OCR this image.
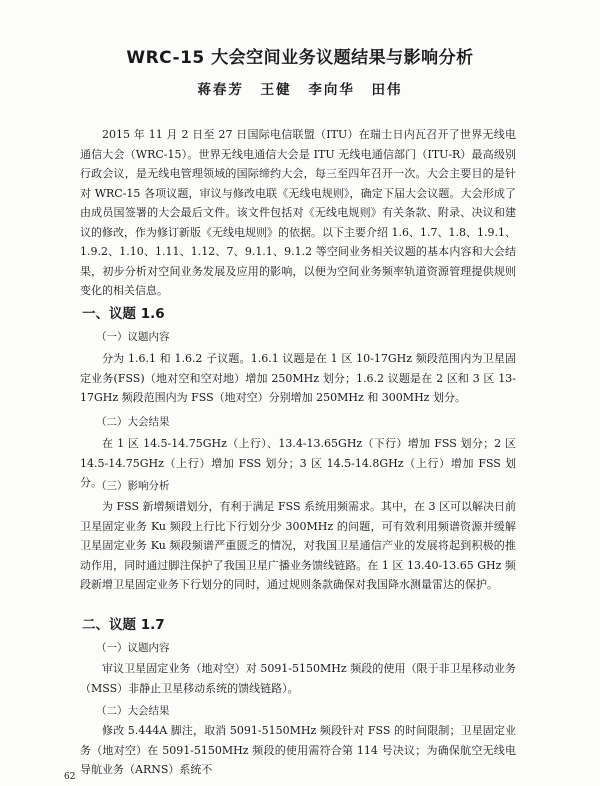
WRC-15 大会空间业务议题结果与影响分析
蒋春芳 王健 李向华 田伟
2015 年 11 月 2 日至 27 日国际电信联盟（ITU）在瑞士日内瓦召开了世界无线电通信大会（WRC-15）。世界无线电通信大会是 ITU 无线电通信部门（ITU-R）最高级别行政会议，是无线电管理领域的国际缔约大会，每三至四年召开一次。大会主要目的是针对 WRC-15 各项议题，审议与修改电联《无线电规则》，确定下届大会议题。大会形成了由成员国签署的大会最后文件。该文件包括对《无线电规则》有关条款、附录、决议和建议的修改，作为修订新版《无线电规则》的依据。以下主要介绍 1.6、1.7、1.8、1.9.1、1.9.2、1.10、1.11、1.12、7、9.1.1、9.1.2 等空间业务相关议题的基本内容和大会结果，初步分析对空间业务发展及应用的影响，以便为空间业务频率轨道资源管理提供规则变化的相关信息。
一、议题 1.6
（一）议题内容
分为 1.6.1 和 1.6.2 子议题。1.6.1 议题是在 1 区 10-17GHz 频段范围内为卫星固定业务(FSS)（地对空和空对地）增加 250MHz 划分；1.6.2 议题是在 2 区和 3 区 13-17GHz 频段范围内为 FSS（地对空）分别增加 250MHz 和 300MHz 划分。
（二）大会结果
在 1 区 14.5-14.75GHz（上行）、13.4-13.65GHz（下行）增加 FSS 划分；2 区 14.5-14.75GHz（上行）增加 FSS 划分；3 区 14.5-14.8GHz（上行）增加 FSS 划分。
（三）影响分析
为 FSS 新增频谱划分，有利于满足 FSS 系统用频需求。其中，在 3 区可以解决日前卫星固定业务 Ku 频段上行比下行划分少 300MHz 的问题，可有效利用频谱资源并缓解卫星固定业务 Ku 频段频谱严重匮乏的情况，对我国卫星通信产业的发展将起到积极的推动作用，同时通过脚注保护了我国卫星广播业务馈线链路。在 1 区 13.40-13.65 GHz 频段新增卫星固定业务下行划分的同时，通过规则条款确保对我国降水测量雷达的保护。
二、议题 1.7
（一）议题内容
审议卫星固定业务（地对空）对 5091-5150MHz 频段的使用（限于非卫星移动业务（MSS）非静止卫星移动系统的馈线链路）。
（二）大会结果
修改 5.444A 脚注，取消 5091-5150MHz 频段针对 FSS 的时间限制；卫星固定业务（地对空）在 5091-5150MHz 频段的使用需符合第 114 号决议；为确保航空无线电导航业务（ARNS）系统不
62
